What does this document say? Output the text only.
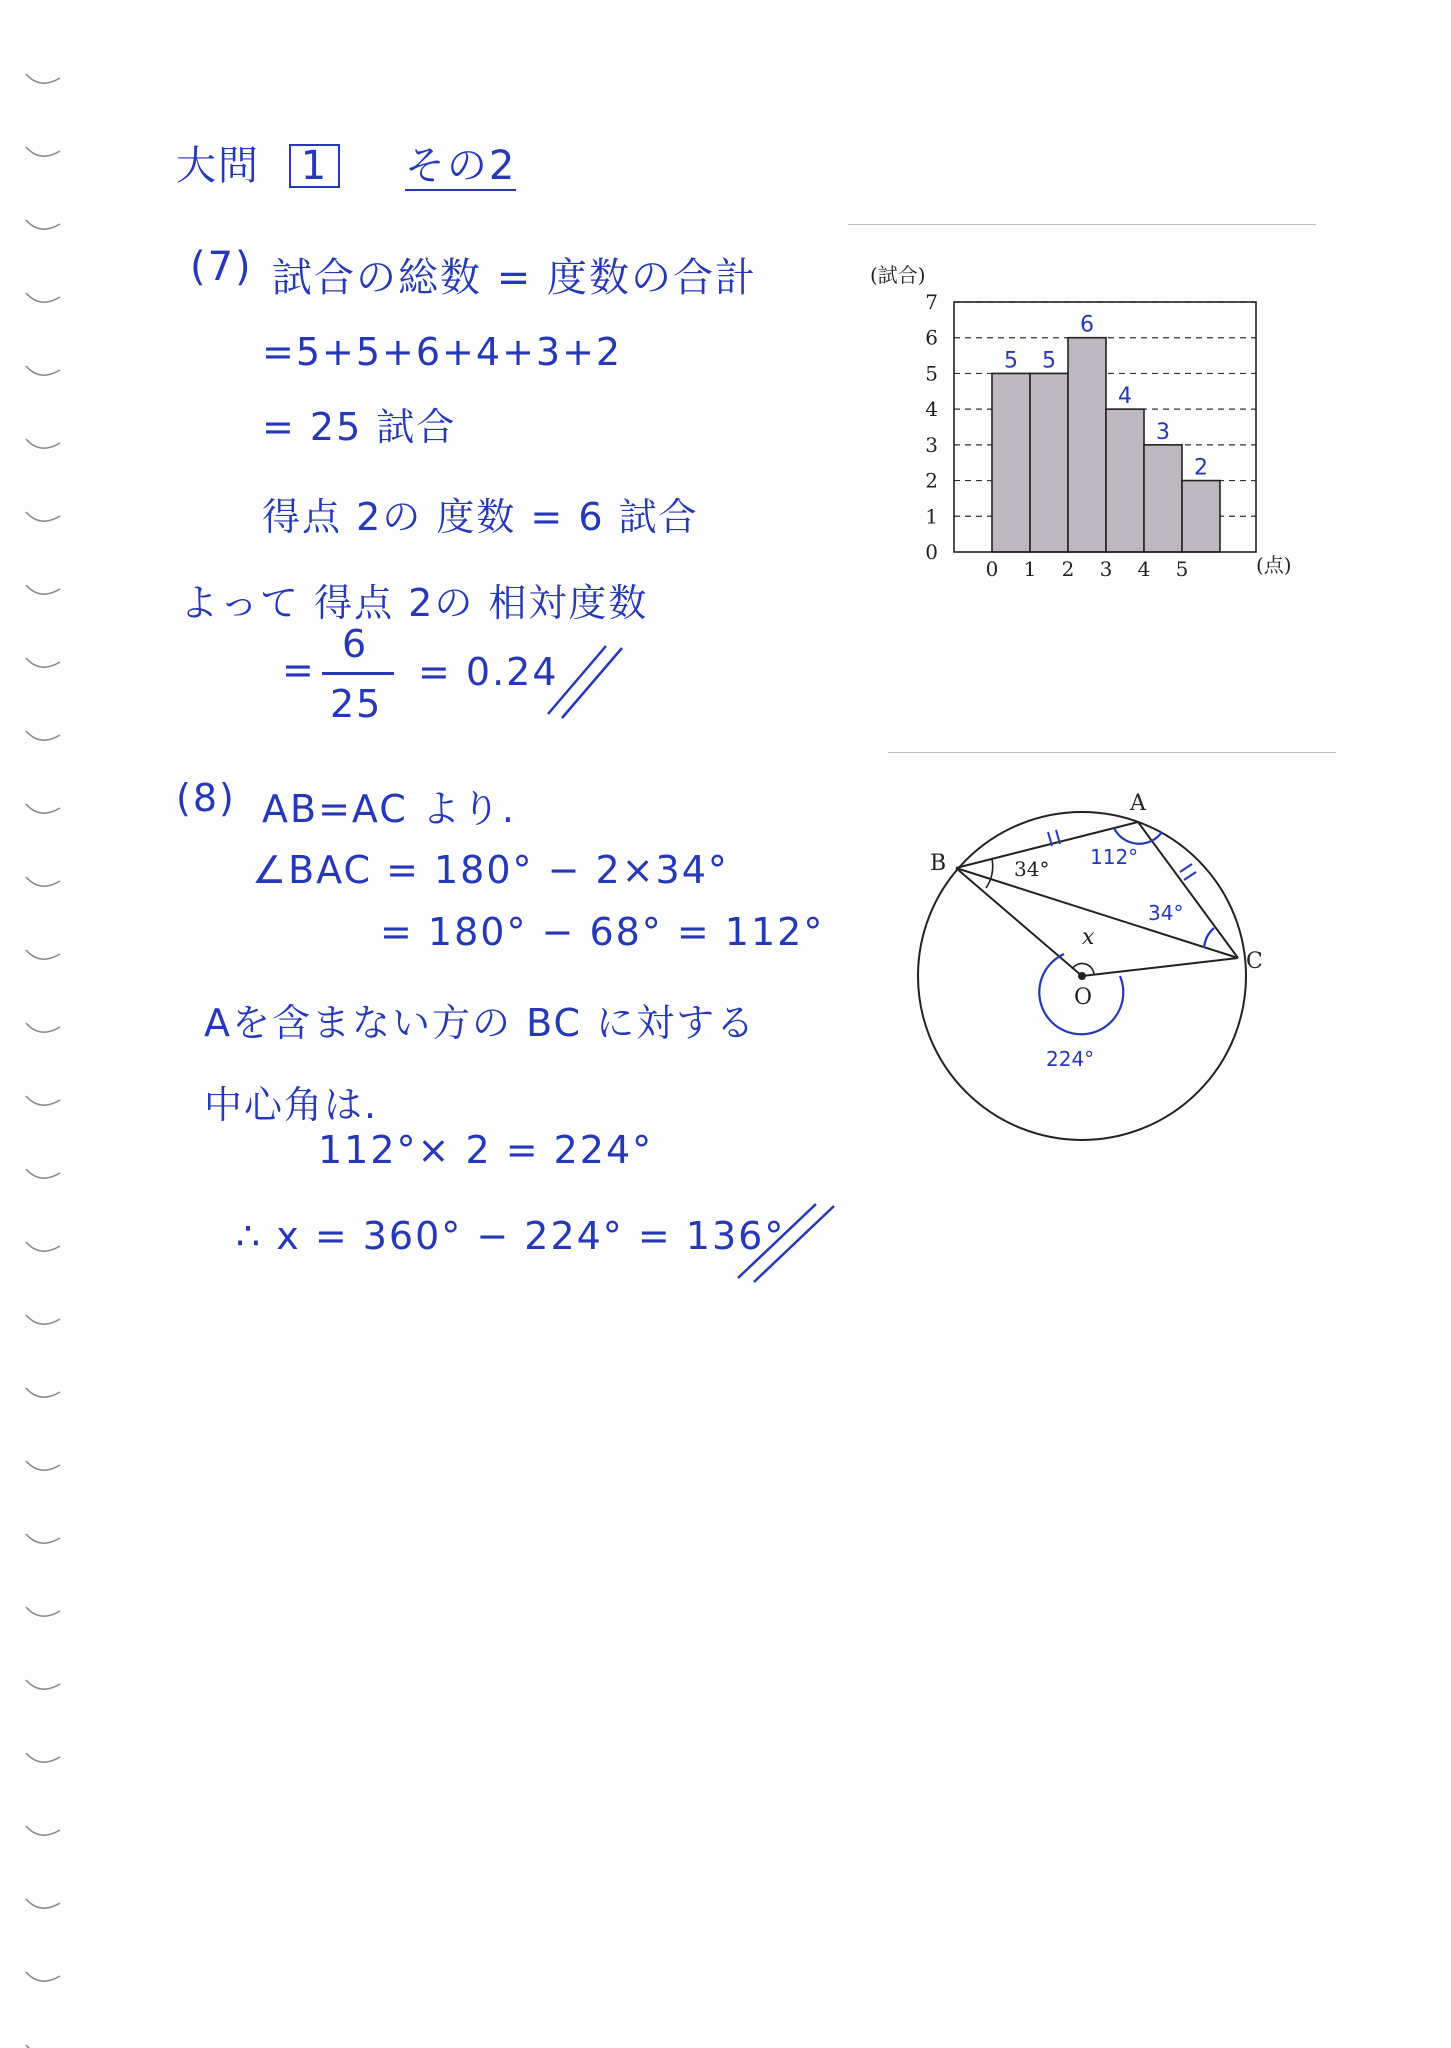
大問 1 その2
(7) 試合の総数 = 度数の合計
=5+5+6+4+3+2
= 25 試合
得点 2の 度数 = 6 試合
よって 得点 2の 相対度数
=
6
25
= 0.24
(8) AB=AC より.
∠BAC = 180° − 2×34°
= 180° − 68° = 112°
Aを含まない方の BC に対する
中心角は.
112°× 2 = 224°
∴ x = 360° − 224° = 136°
(試合)
(点)
0
1
2
3
4
5
6
7
0 1 2 3 4 5
5 5
6
4
3
2
A
B
C
O
x
34° 112°
34°
224°
